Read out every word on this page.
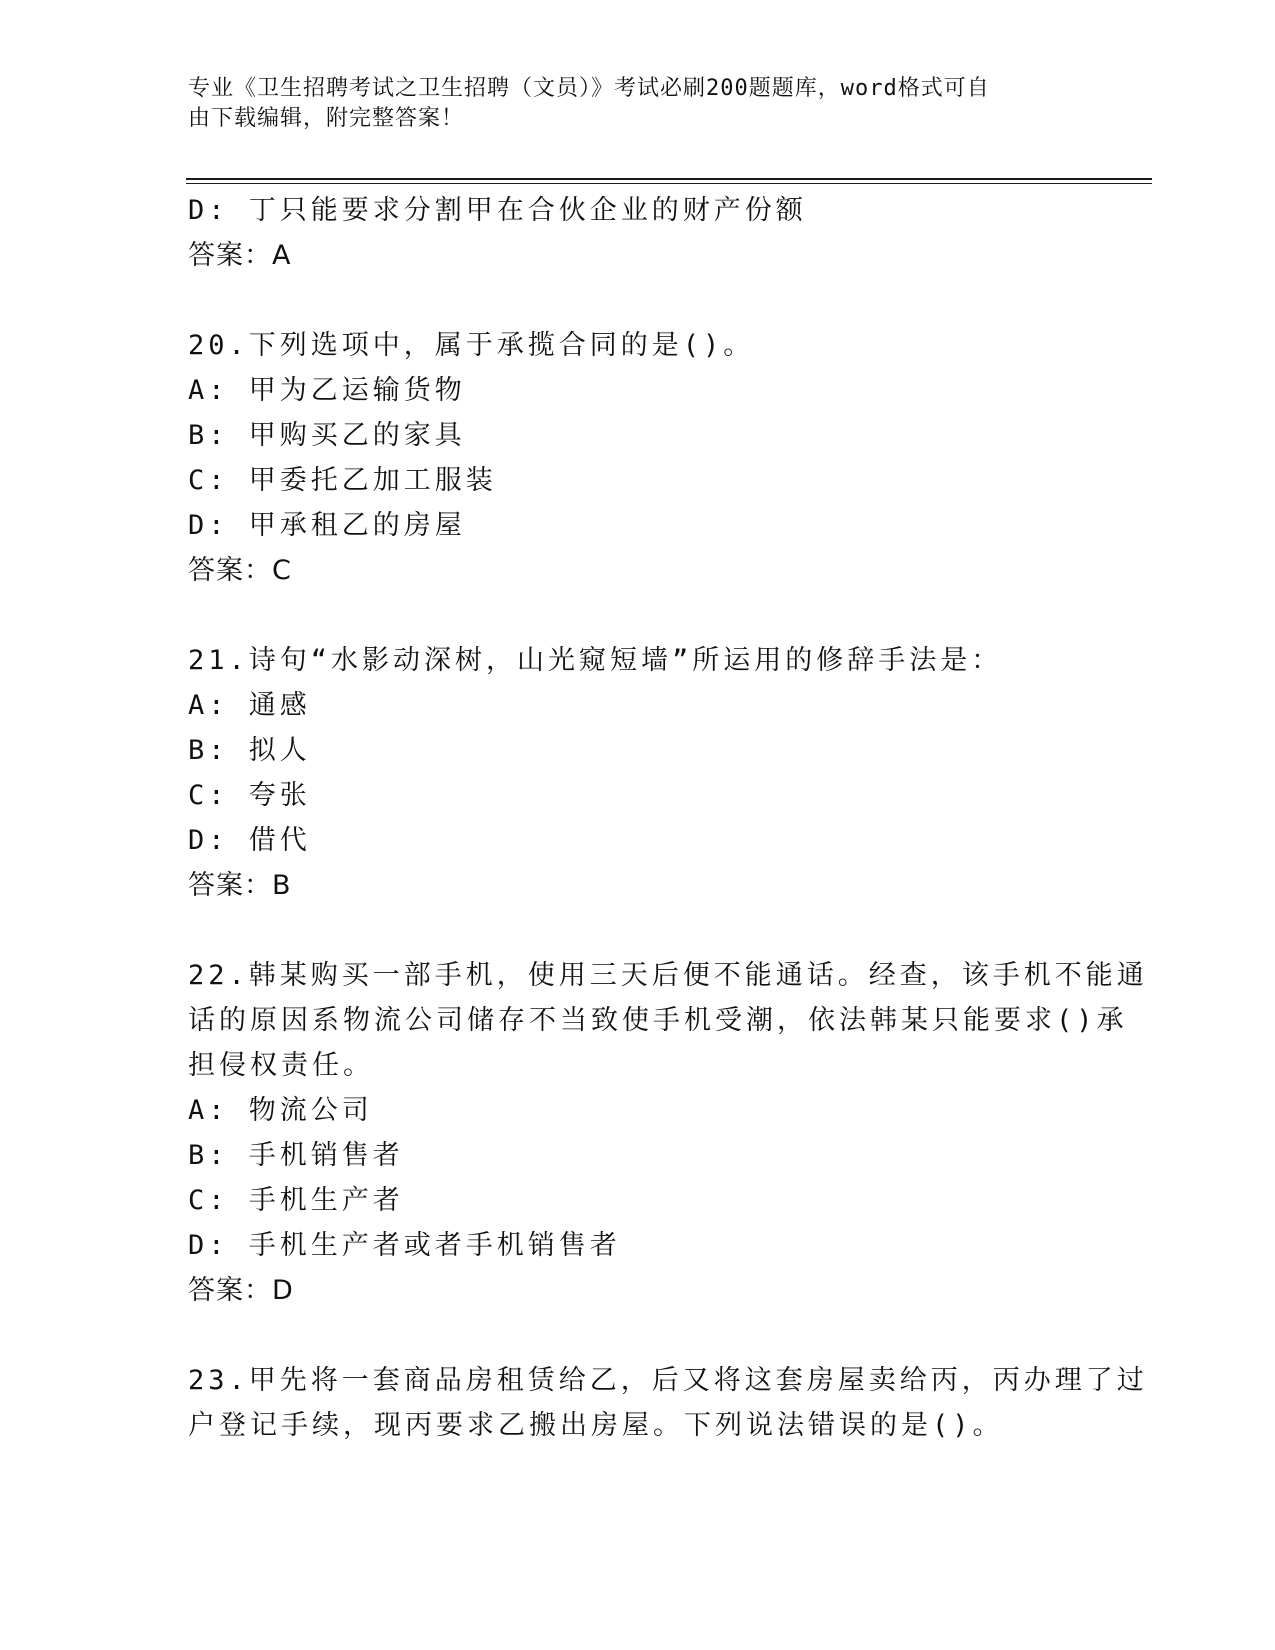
专业《卫生招聘考试之卫生招聘（文员）》考试必刷200题题库，word格式可自
由下载编辑，附完整答案！
D: 丁只能要求分割甲在合伙企业的财产份额
答案：A
20.下列选项中，属于承揽合同的是()。
A: 甲为乙运输货物
B: 甲购买乙的家具
C: 甲委托乙加工服装
D: 甲承租乙的房屋
答案：C
21.诗句“水影动深树，山光窥短墙”所运用的修辞手法是：
A: 通感
B: 拟人
C: 夸张
D: 借代
答案：B
22.韩某购买一部手机，使用三天后便不能通话。经查，该手机不能通
话的原因系物流公司储存不当致使手机受潮，依法韩某只能要求()承
担侵权责任。
A: 物流公司
B: 手机销售者
C: 手机生产者
D: 手机生产者或者手机销售者
答案：D
23.甲先将一套商品房租赁给乙，后又将这套房屋卖给丙，丙办理了过
户登记手续，现丙要求乙搬出房屋。下列说法错误的是()。
